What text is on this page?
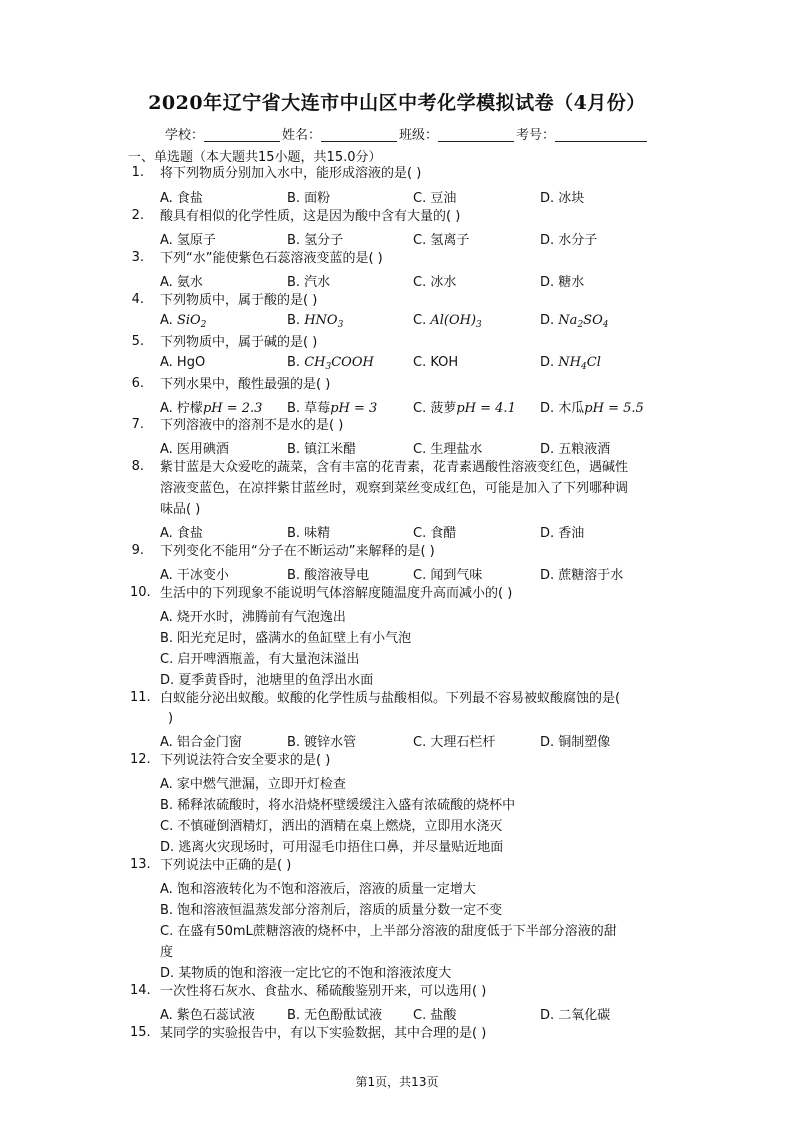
2020年辽宁省大连市中山区中考化学模拟试卷（4月份）
学校：	姓名：	班级：	考号：
一、单选题（本大题共15小题，共15.0分）
1. 将下列物质分别加入水中，能形成溶液的是( )
A. 食盐	B. 面粉	C. 豆油	D. 冰块
2. 酸具有相似的化学性质，这是因为酸中含有大量的( )
A. 氢原子	B. 氢分子	C. 氢离子	D. 水分子
3. 下列“水”能使紫色石蕊溶液变蓝的是( )
A. 氨水	B. 汽水	C. 冰水	D. 糖水
4. 下列物质中，属于酸的是( )
A. SiO$_2$	B. $HNO_3$	C. $Al(OH)_3$	D. $Na_2SO_4$
5. 下列物质中，属于碱的是( )
A. HgO	B. $CH_3COOH$	C. KOH	D. $NH_4Cl$
6. 下列水果中，酸性最强的是( )
A. 柠檬pH = 2.3 B. 草莓pH = 3	C. 菠萝pH = 4.1 D. 木瓜pH = 5.5
7. 下列溶液中的溶剂不是水的是( )
A. 医用碘酒	B. 镇江米醋	C. 生理盐水	D. 五粮液酒
8. 紫甘蓝是大众爱吃的蔬菜，含有丰富的花青素，花青素遇酸性溶液变红色，遇碱性
溶液变蓝色，在凉拌紫甘蓝丝时，观察到菜丝变成红色，可能是加入了下列哪种调
味品( )
A. 食盐	B. 味精	C. 食醋	D. 香油
9. 下列变化不能用“分子在不断运动”来解释的是( )
A. 干冰变小	B. 酸溶液导电	C. 闻到气味	D. 蔗糖溶于水
10. 生活中的下列现象不能说明气体溶解度随温度升高而减小的( )
A. 烧开水时，沸腾前有气泡逸出
B. 阳光充足时，盛满水的鱼缸壁上有小气泡
C. 启开啤酒瓶盖，有大量泡沫溢出
D. 夏季黄昏时，池塘里的鱼浮出水面
11. 白蚁能分泌出蚁酸。蚁酸的化学性质与盐酸相似。下列最不容易被蚁酸腐蚀的是(
)
A. 铝合金门窗	B. 镀锌水管	C. 大理石栏杆	D. 铜制塑像
12. 下列说法符合安全要求的是( )
A. 家中燃气泄漏，立即开灯检查
B. 稀释浓硫酸时，将水沿烧杯壁缓缓注入盛有浓硫酸的烧杯中
C. 不慎碰倒酒精灯，洒出的酒精在桌上燃烧，立即用水浇灭
D. 逃离火灾现场时，可用湿毛巾捂住口鼻，并尽量贴近地面
13. 下列说法中正确的是( )
A. 饱和溶液转化为不饱和溶液后，溶液的质量一定增大
B. 饱和溶液恒温蒸发部分溶剂后，溶质的质量分数一定不变
C. 在盛有50mL蔗糖溶液的烧杯中，上半部分溶液的甜度低于下半部分溶液的甜
度
D. 某物质的饱和溶液一定比它的不饱和溶液浓度大
14. 一次性将石灰水、食盐水、稀硫酸鉴别开来，可以选用( )
A. 紫色石蕊试液 B. 无色酚酞试液 C. 盐酸	D. 二氧化碳
15. 某同学的实验报告中，有以下实验数据，其中合理的是( )
第1页，共13页
